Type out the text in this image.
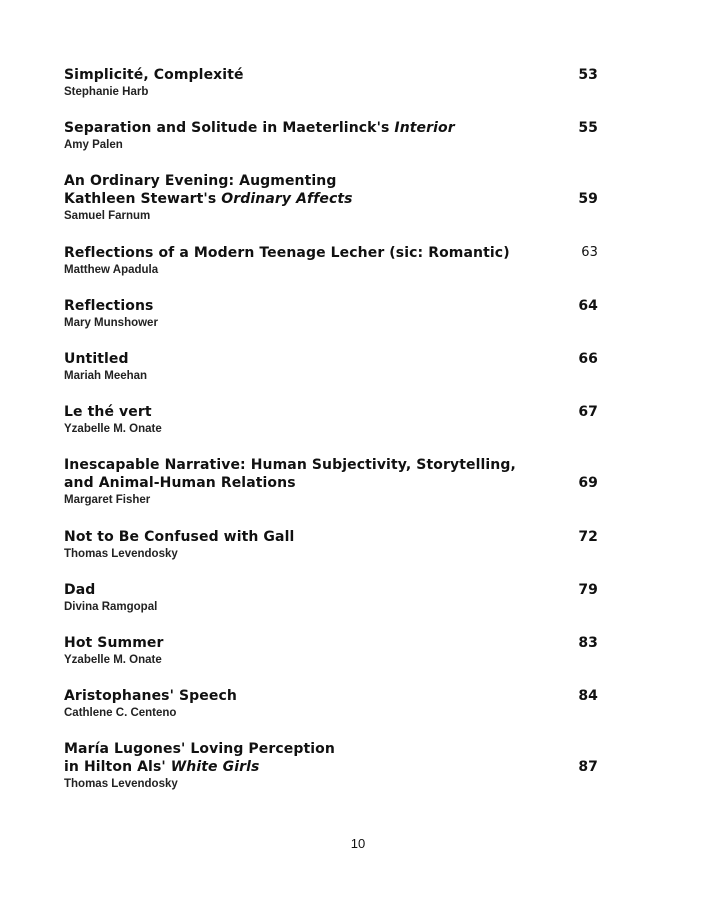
Simplicité, Complexité	53
Stephanie Harb
Separation and Solitude in Maeterlinck's Interior	55
Amy Palen
An Ordinary Evening: Augmenting
Kathleen Stewart's Ordinary Affects	59
Samuel Farnum
Reflections of a Modern Teenage Lecher (sic: Romantic)	63
Matthew Apadula
Reflections	64
Mary Munshower
Untitled	66
Mariah Meehan
Le thé vert	67
Yzabelle M. Onate
Inescapable Narrative: Human Subjectivity, Storytelling,
and Animal-Human Relations	69
Margaret Fisher
Not to Be Confused with Gall	72
Thomas Levendosky
Dad	79
Divina Ramgopal
Hot Summer	83
Yzabelle M. Onate
Aristophanes' Speech	84
Cathlene C. Centeno
María Lugones' Loving Perception
in Hilton Als' White Girls	87
Thomas Levendosky
10
